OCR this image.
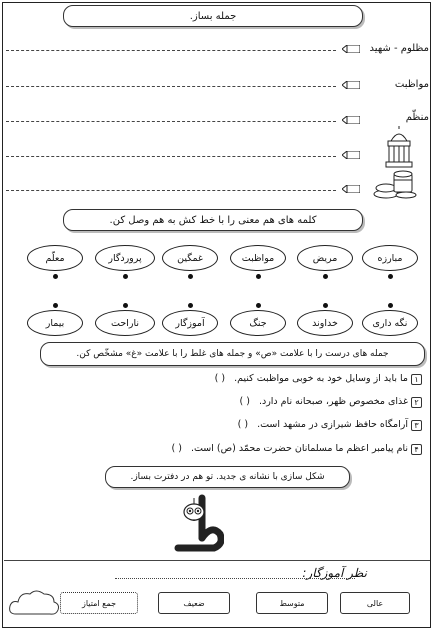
جمله بساز.
مظلوم - شهید
مواظبت
منظّم
کلمه های هم معنی را با خط کش به هم وصل کن.
مبارزه
مریض
مواظبت
غمگین
پروردگار
معلّم
نگه داری
خداوند
جنگ
آموزگار
ناراحت
بیمار
جمله های درست را با علامت «ص» و جمله های غلط را با علامت «غ» مشخّص کن.
۱
ما باید از وسایل خود به خوبی مواظبت کنیم. ( )
۲
غذای مخصوص ظهر، صبحانه نام دارد. ( )
۳
آرامگاه حافظ شیرازی در مشهد است. ( )
۴
نام پیامبر اعظم ما مسلمانان حضرت محمّد (ص) است. ( )
شکل سازی با نشانه ی جدید. تو هم در دفترت بساز.
نظر آموزگار:
عالی
متوسط
ضعیف
جمع امتیاز
